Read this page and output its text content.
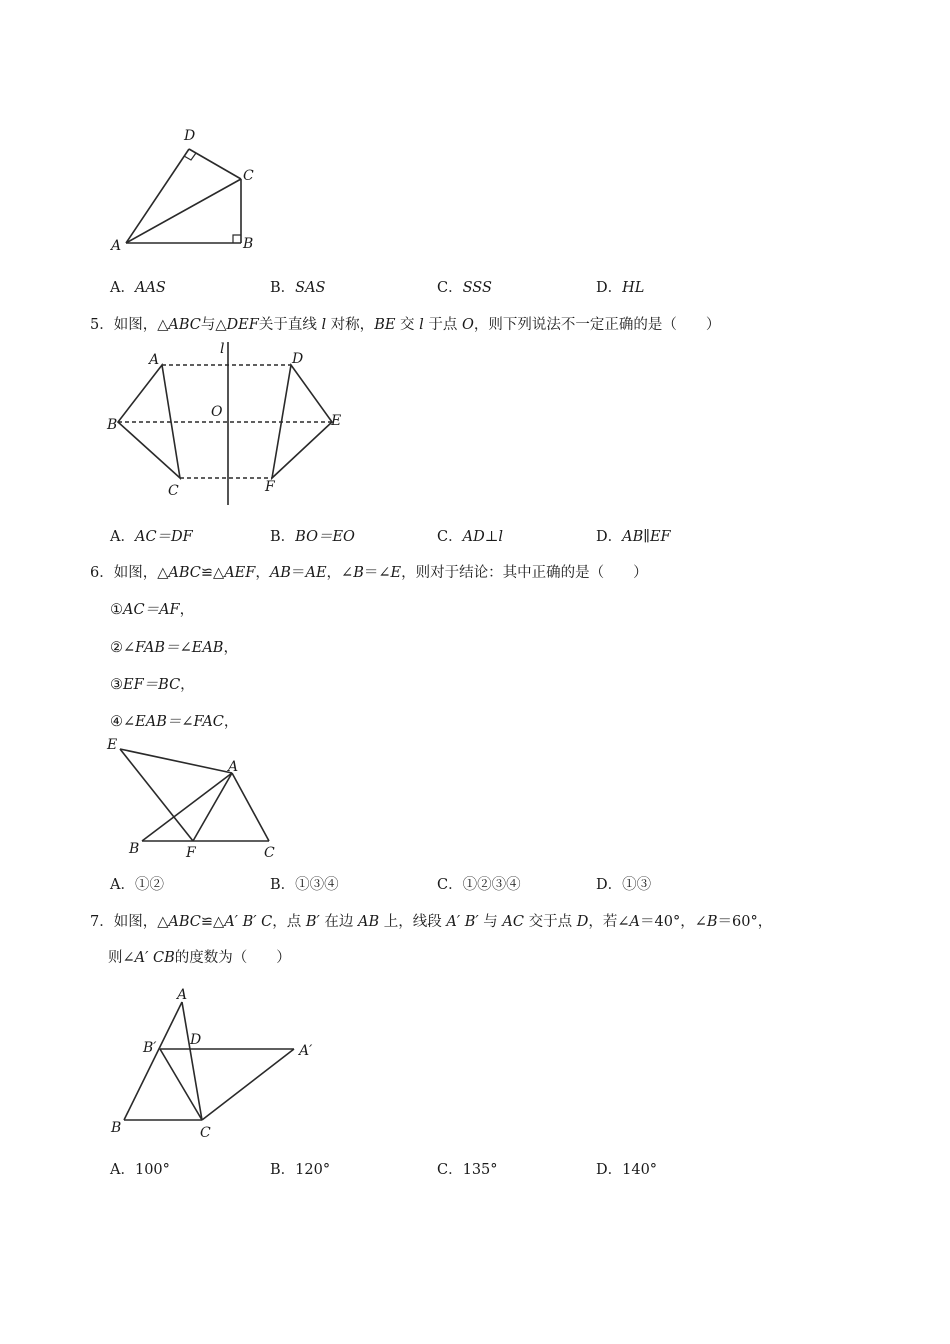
D
C
A	B
A．AAS	B．SAS	C．SSS	D．HL
5．如图，△ABC与△DEF关于直线 l 对称，BE 交 l 于点 O，则下列说法不一定正确的是（　　）
l
A	D
O
B	E
C	F
A．AC＝DF	B．BO＝EO	C．AD⊥l	D．AB∥EF
6．如图，△ABC≌△AEF，AB＝AE，∠B＝∠E，则对于结论：其中正确的是（　　）
①AC＝AF，
②∠FAB＝∠EAB，
③EF＝BC，
④∠EAB＝∠FAC，
E
A
B	F	C
A．①②	B．①③④	C．①②③④	D．①③
7．如图，△ABC≌△A′ B′ C，点 B′ 在边 AB 上，线段 A′ B′ 与 AC 交于点 D，若∠A＝40°，∠B＝60°，
则∠A′ CB的度数为（　　）
A
B′ D
A′
B	C
A．100°	B．120°	C．135°	D．140°
